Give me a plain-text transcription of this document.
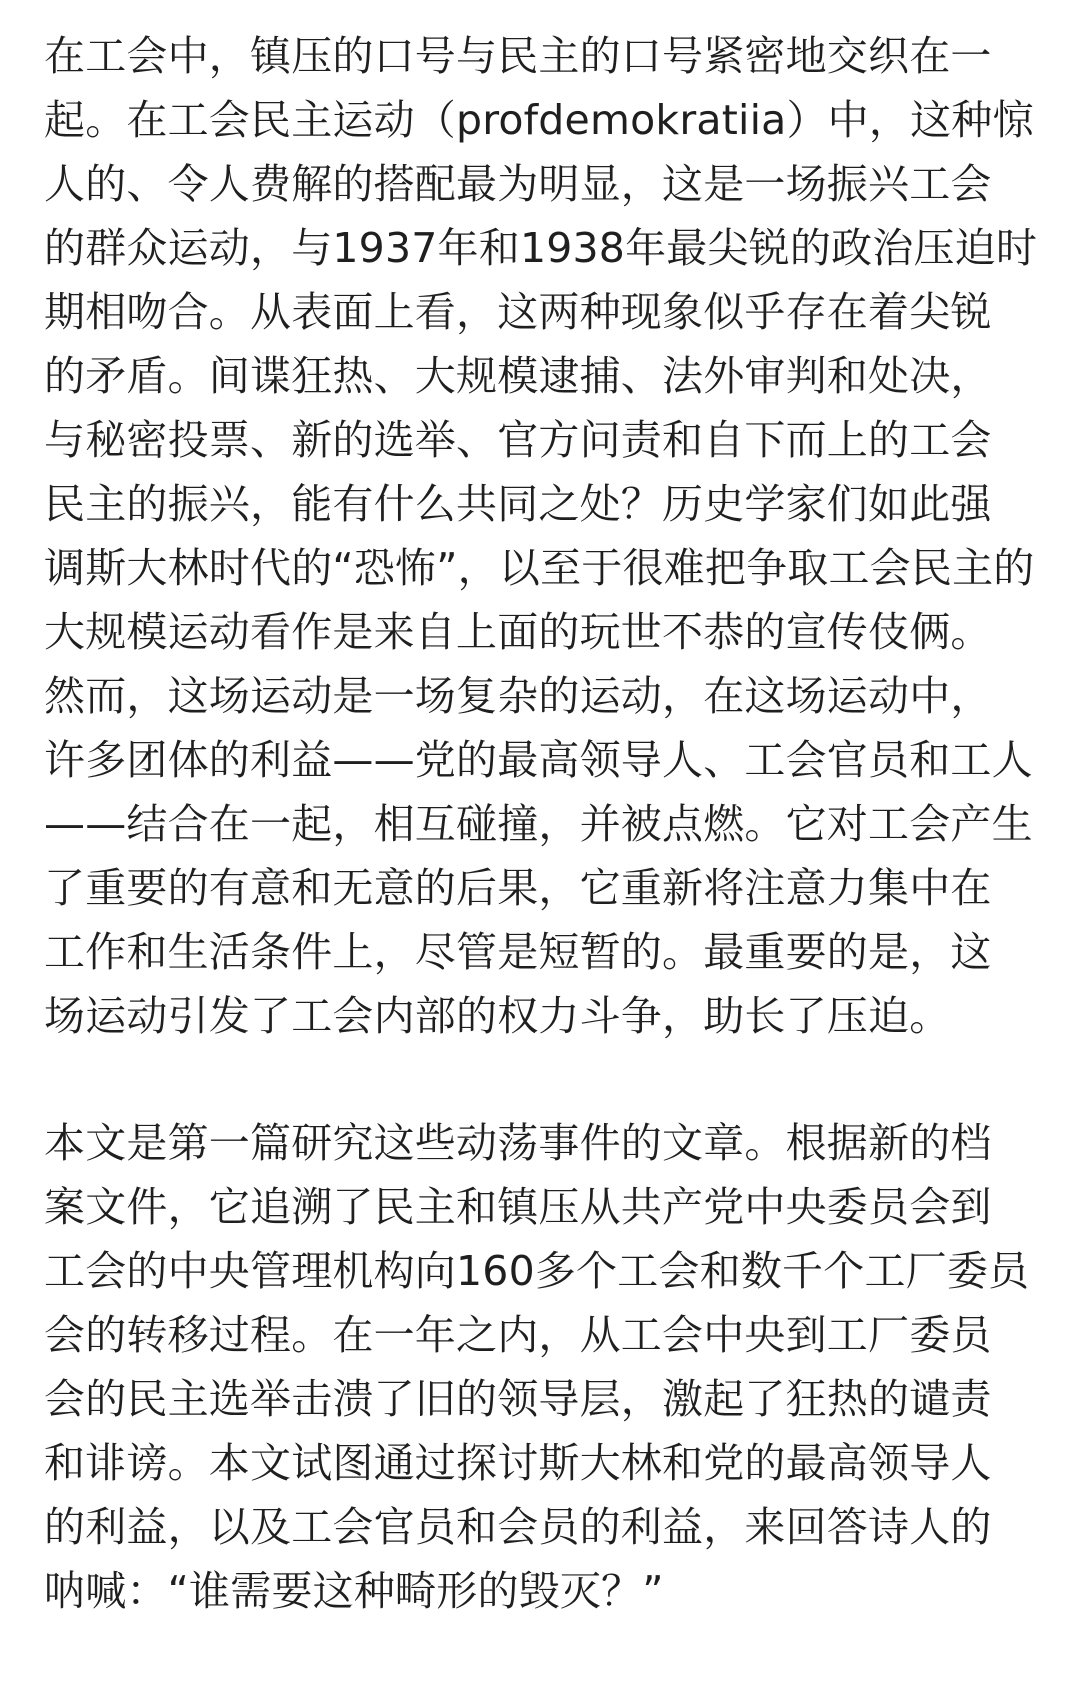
在工会中，镇压的口号与民主的口号紧密地交织在一
起。在工会民主运动（profdemokratiia）中，这种惊
人的、令人费解的搭配最为明显，这是一场振兴工会
的群众运动，与1937年和1938年最尖锐的政治压迫时
期相吻合。从表面上看，这两种现象似乎存在着尖锐
的矛盾。间谍狂热、大规模逮捕、法外审判和处决，
与秘密投票、新的选举、官方问责和自下而上的工会
民主的振兴，能有什么共同之处？历史学家们如此强
调斯大林时代的“恐怖”，以至于很难把争取工会民主的
大规模运动看作是来自上面的玩世不恭的宣传伎俩。
然而，这场运动是一场复杂的运动，在这场运动中，
许多团体的利益——党的最高领导人、工会官员和工人
——结合在一起，相互碰撞，并被点燃。它对工会产生
了重要的有意和无意的后果，它重新将注意力集中在
工作和生活条件上，尽管是短暂的。最重要的是，这
场运动引发了工会内部的权力斗争，助长了压迫。
本文是第一篇研究这些动荡事件的文章。根据新的档
案文件，它追溯了民主和镇压从共产党中央委员会到
工会的中央管理机构向160多个工会和数千个工厂委员
会的转移过程。在一年之内，从工会中央到工厂委员
会的民主选举击溃了旧的领导层，激起了狂热的谴责
和诽谤。本文试图通过探讨斯大林和党的最高领导人
的利益，以及工会官员和会员的利益，来回答诗人的
呐喊：“谁需要这种畸形的毁灭？”
